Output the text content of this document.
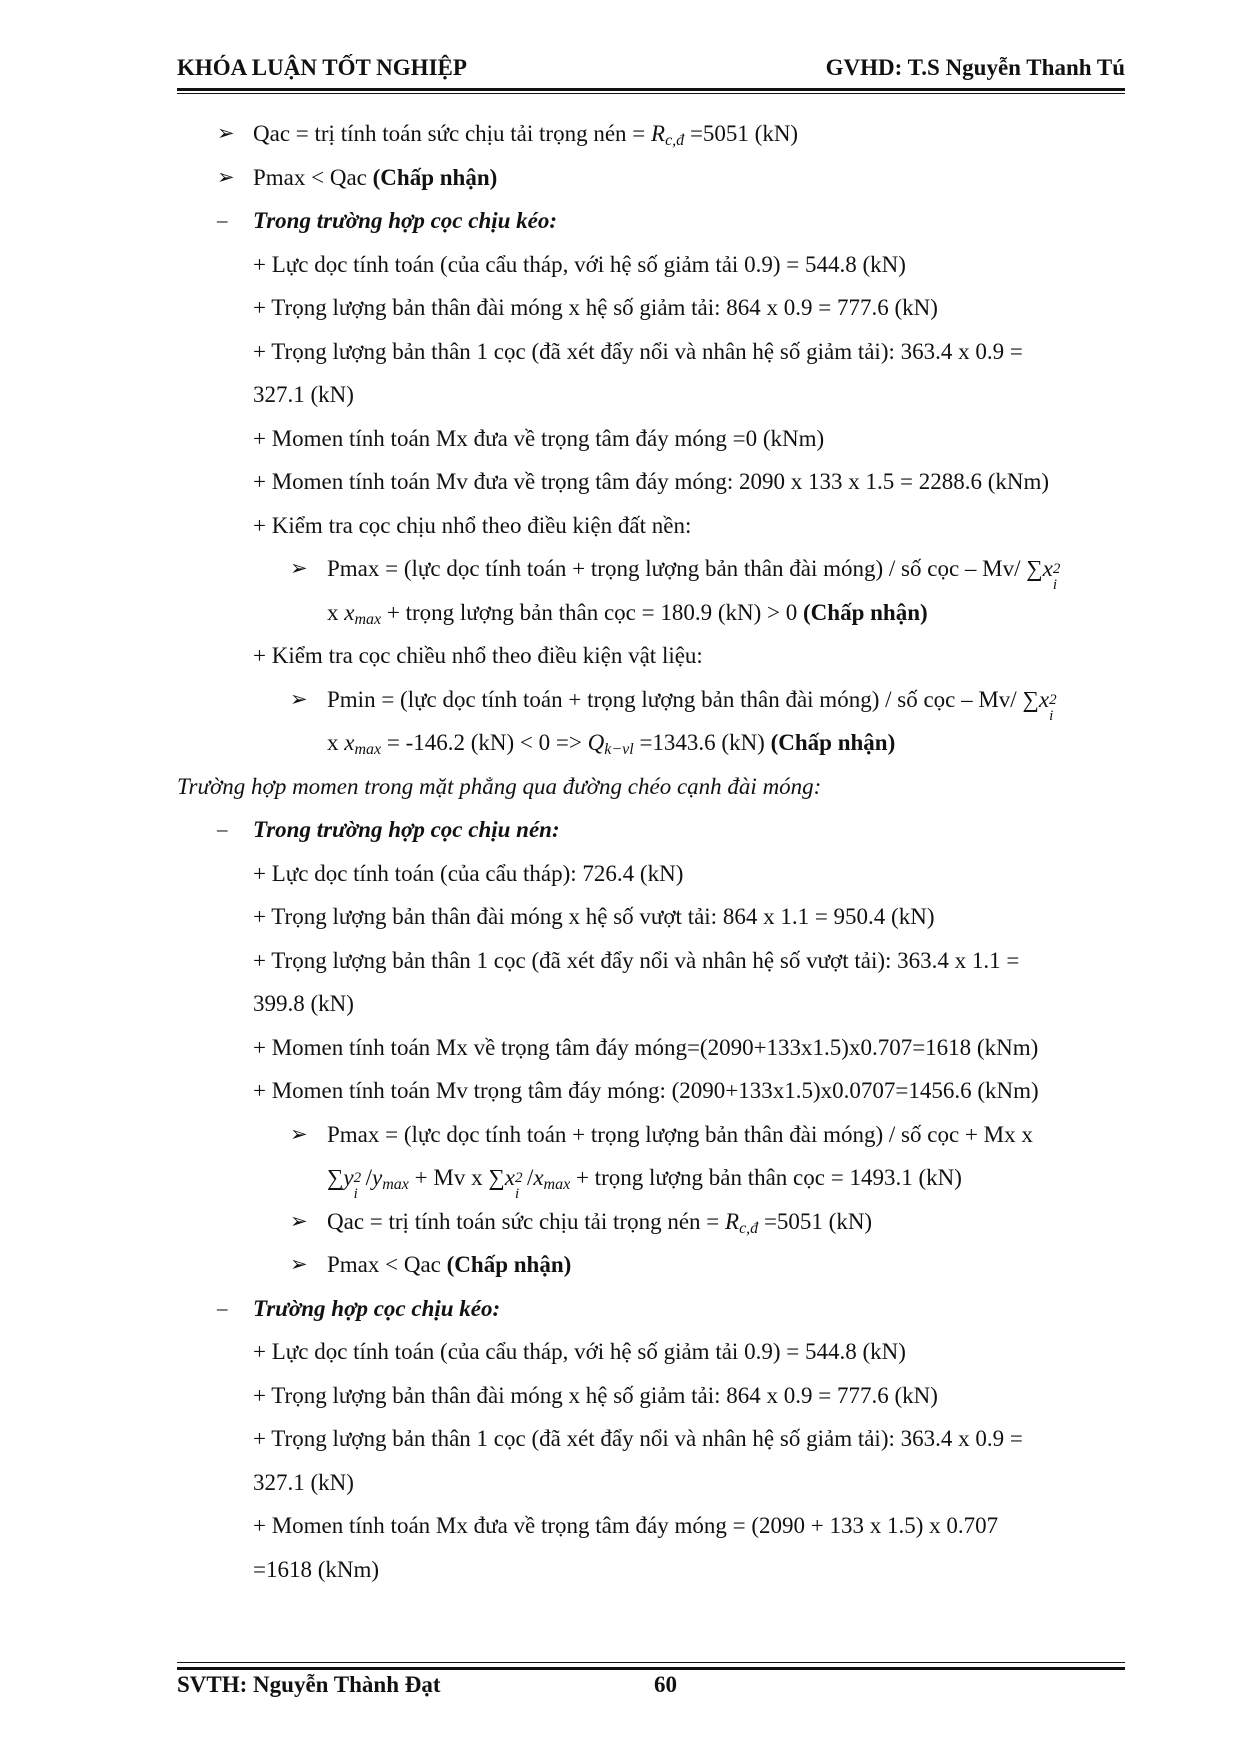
KHÓA LUẬN TỐT NGHIỆP	GVHD: T.S Nguyễn Thanh Tú
➢ Qac = trị tính toán sức chịu tải trọng nén = $R_{c,đ} =5051$ (kN)
➢ Pmax < Qac (Chấp nhận)
– Trong trường hợp cọc chịu kéo:
+ Lực dọc tính toán (của cẩu tháp, với hệ số giảm tải 0.9) = 544.8 (kN)
+ Trọng lượng bản thân đài móng x hệ số giảm tải: 864 x 0.9 = 777.6 (kN)
+ Trọng lượng bản thân 1 cọc (đã xét đẩy nổi và nhân hệ số giảm tải): 363.4 x 0.9 =
327.1 (kN)
+ Momen tính toán Mx đưa về trọng tâm đáy móng =0 (kNm)
+ Momen tính toán Mv đưa về trọng tâm đáy móng: 2090 x 133 x 1.5 = 2288.6 (kNm)
+ Kiểm tra cọc chịu nhổ theo điều kiện đất nền:
➢ Pmax = (lực dọc tính toán + trọng lượng bản thân đài móng) / số cọc – Mv/ ∑x 2
i
x $x_{max}$ + trọng lượng bản thân cọc = 180.9 (kN) > 0 (Chấp nhận)
+ Kiểm tra cọc chiều nhổ theo điều kiện vật liệu:
➢ Pmin = (lực dọc tính toán + trọng lượng bản thân đài móng) / số cọc – Mv/ ∑x 2
i
x $x_{max} = -146.2$ $(kN) < 0 => Q_{k-vl} =1343.6$ (kN) (Chấp nhận)
Trường hợp momen trong mặt phẳng qua đường chéo cạnh đài móng:
– Trong trường hợp cọc chịu nén:
+ Lực dọc tính toán (của cẩu tháp): 726.4 (kN)
+ Trọng lượng bản thân đài móng x hệ số vượt tải: 864 x 1.1 = 950.4 (kN)
+ Trọng lượng bản thân 1 cọc (đã xét đẩy nổi và nhân hệ số vượt tải): 363.4 x 1.1 =
399.8 (kN)
+ Momen tính toán Mx về trọng tâm đáy móng=(2090+133x1.5)x0.707=1618 (kNm)
+ Momen tính toán Mv trọng tâm đáy móng: (2090+133x1.5)x0.0707=1456.6 (kNm)
➢ Pmax = (lực dọc tính toán + trọng lượng bản thân đài móng) / số cọc + Mx x
∑y 2
i
$/y_{max} + Mv$ x ∑x 2
i
$/x_{max}$ + trọng lượng bản thân cọc = 1493.1 (kN)
➢ Qac = trị tính toán sức chịu tải trọng nén = $R_{c,đ} =5051$ (kN)
➢ Pmax < Qac (Chấp nhận)
– Trường hợp cọc chịu kéo:
+ Lực dọc tính toán (của cẩu tháp, với hệ số giảm tải 0.9) = 544.8 (kN)
+ Trọng lượng bản thân đài móng x hệ số giảm tải: 864 x 0.9 = 777.6 (kN)
+ Trọng lượng bản thân 1 cọc (đã xét đẩy nổi và nhân hệ số giảm tải): 363.4 x 0.9 =
327.1 (kN)
+ Momen tính toán Mx đưa về trọng tâm đáy móng = (2090 + 133 x 1.5) x 0.707
=1618 (kNm)
SVTH: Nguyễn Thành Đạt	60
